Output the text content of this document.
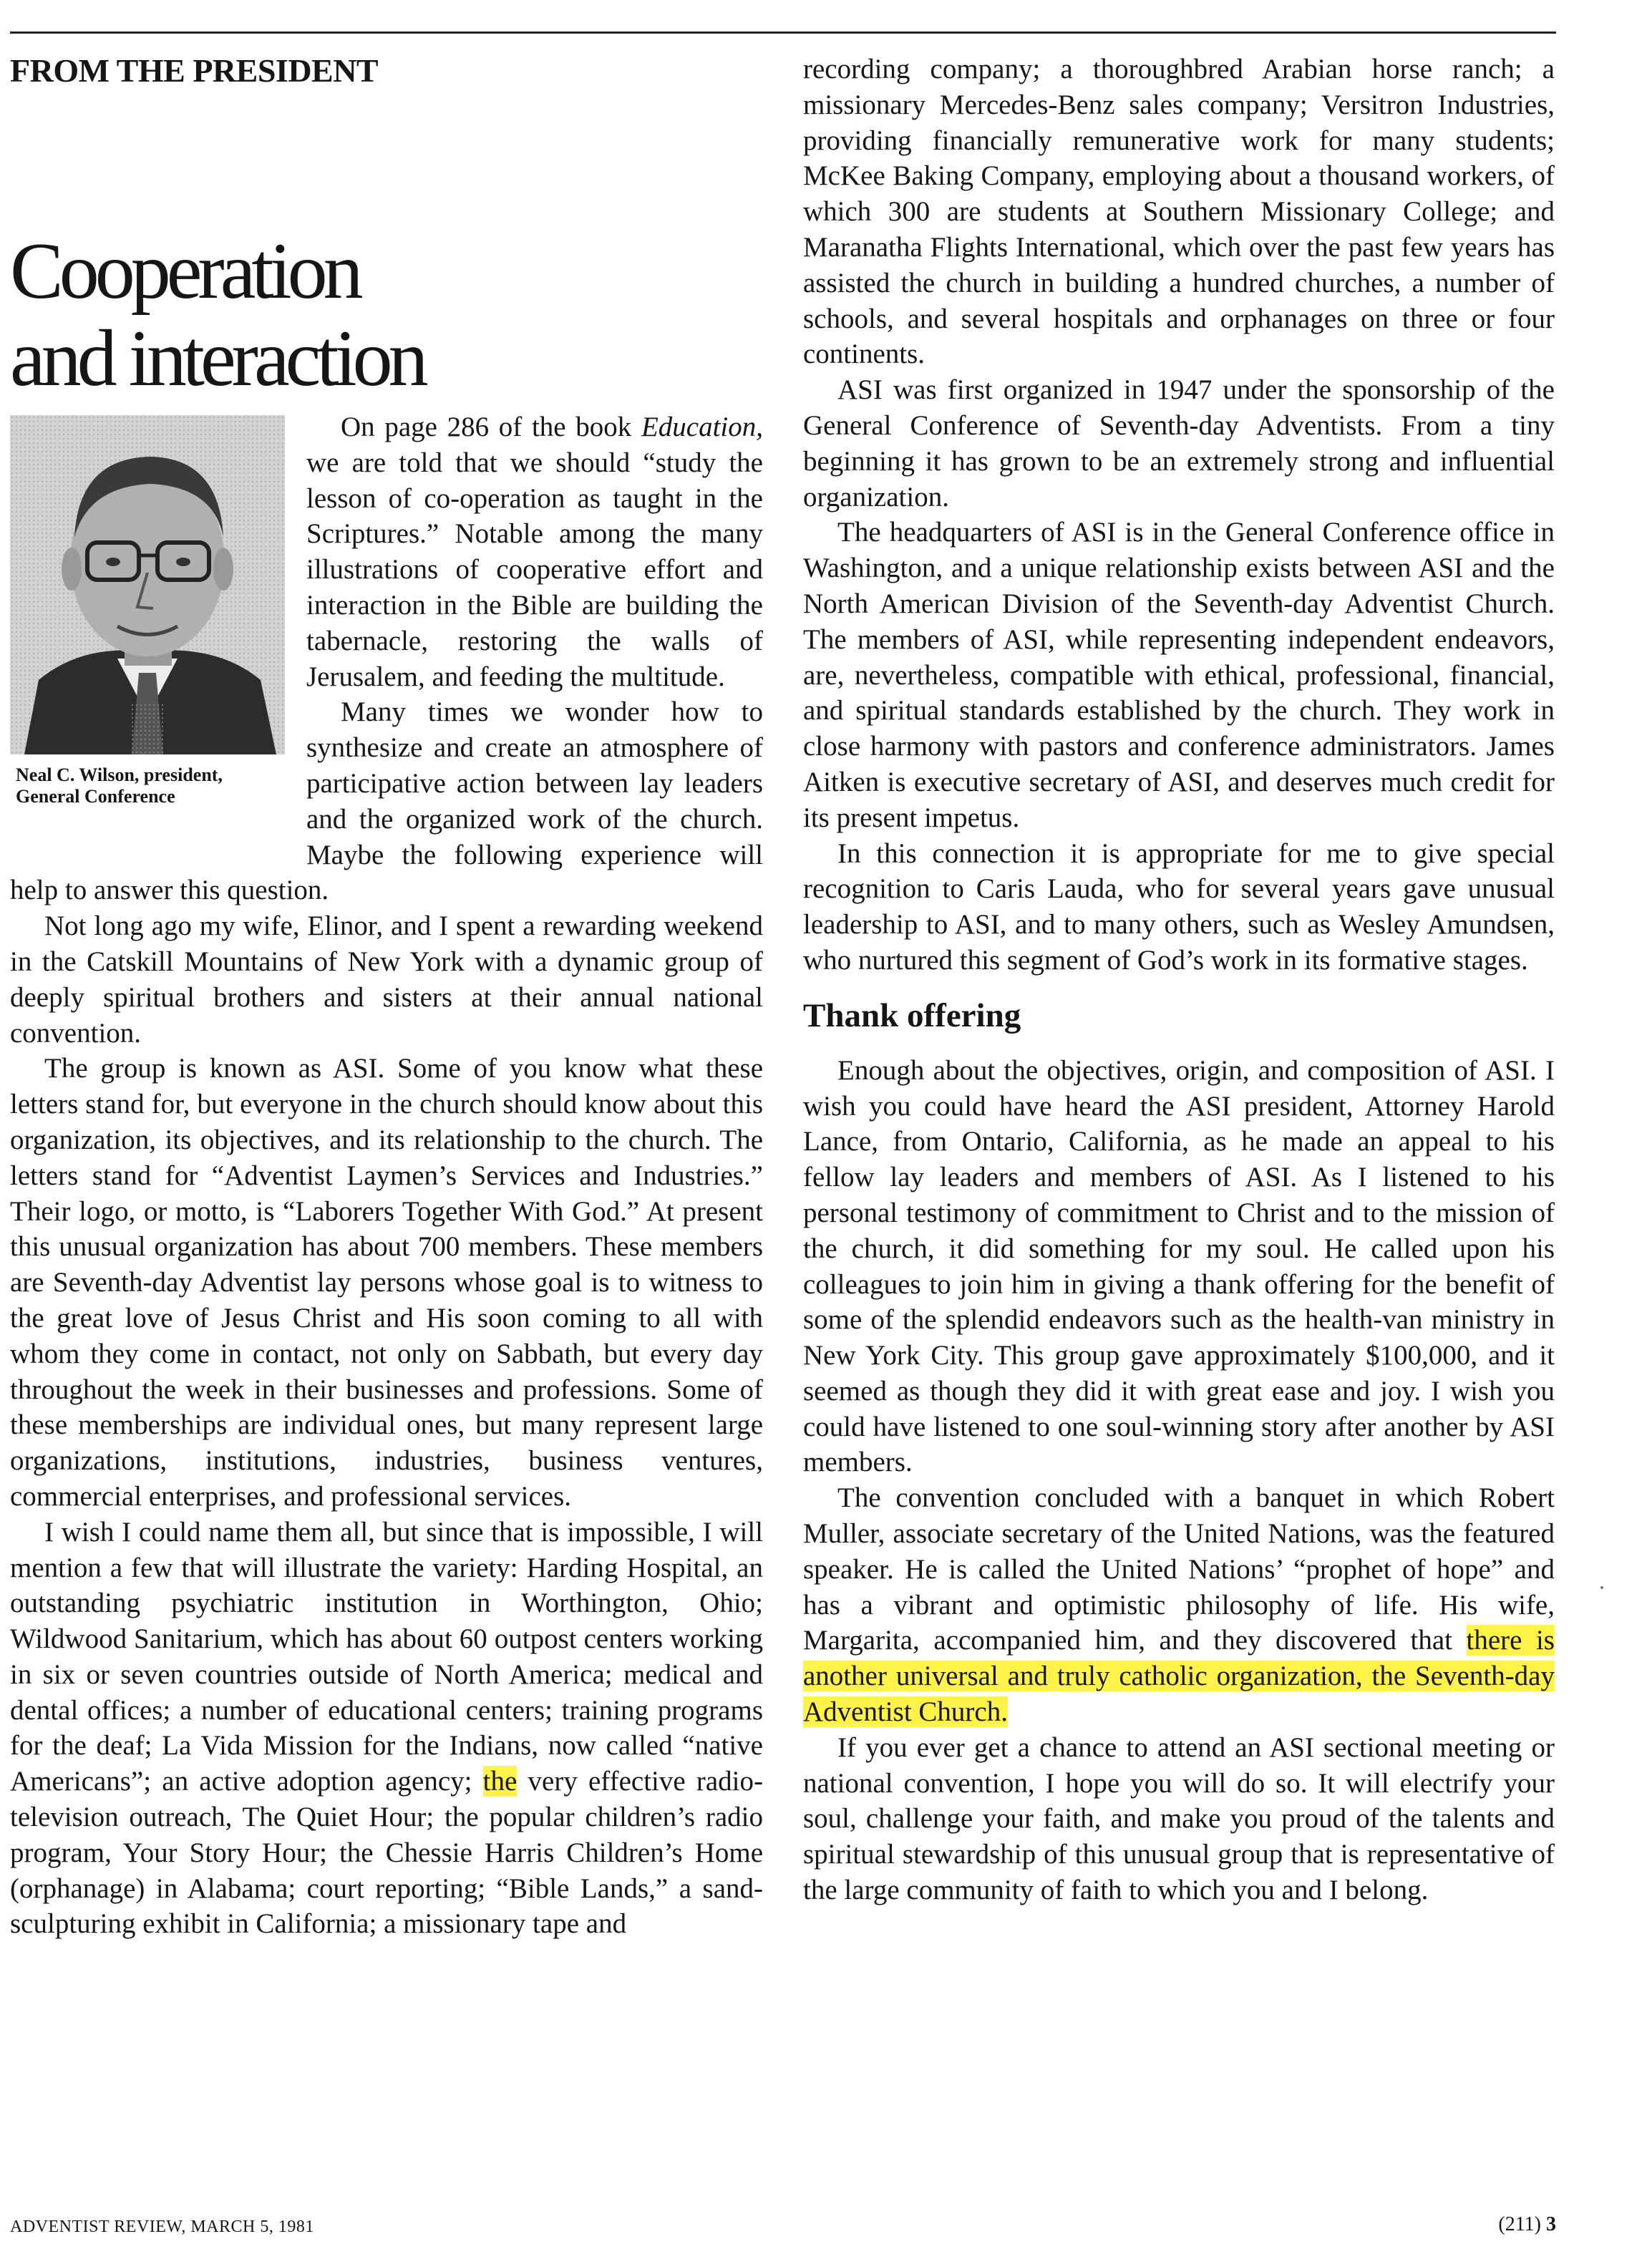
FROM THE PRESIDENT
Cooperation
and interaction
Neal C. Wilson, president,
General Conference

On page 286 of the book Education, we are told that we should “study the lesson of co-operation as taught in the Scriptures.” Notable among the many illustrations of cooperative effort and interaction in the Bible are building the tabernacle, restoring the walls of Jerusalem, and feeding the multitude.

Many times we wonder how to synthesize and create an atmosphere of participative action between lay leaders and the organized work of the church. Maybe the following experience will help to answer this question.

Not long ago my wife, Elinor, and I spent a rewarding weekend in the Catskill Mountains of New York with a dynamic group of deeply spiritual brothers and sisters at their annual national convention.

The group is known as ASI. Some of you know what these letters stand for, but everyone in the church should know about this organization, its objectives, and its relationship to the church. The letters stand for “Adventist Laymen’s Services and Industries.” Their logo, or motto, is “Laborers Together With God.” At present this unusual organization has about 700 members. These members are Seventh-day Adventist lay persons whose goal is to witness to the great love of Jesus Christ and His soon coming to all with whom they come in contact, not only on Sabbath, but every day throughout the week in their businesses and professions. Some of these memberships are individual ones, but many represent large organizations, institutions, industries, business ventures, commercial enterprises, and professional services.

I wish I could name them all, but since that is impossible, I will mention a few that will illustrate the variety: Harding Hospital, an outstanding psychiatric institution in Worthington, Ohio; Wildwood Sanitarium, which has about 60 outpost centers working in six or seven countries outside of North America; medical and dental offices; a number of educational centers; training programs for the deaf; La Vida Mission for the Indians, now called “native Americans”; an active adoption agency; the very effective radio-television outreach, The Quiet Hour; the popular children’s radio program, Your Story Hour; the Chessie Harris Children’s Home (orphanage) in Alabama; court reporting; “Bible Lands,” a sand-sculpturing exhibit in California; a missionary tape and

recording company; a thoroughbred Arabian horse ranch; a missionary Mercedes-Benz sales company; Versitron Industries, providing financially remunerative work for many students; McKee Baking Company, employing about a thousand workers, of which 300 are students at Southern Missionary College; and Maranatha Flights International, which over the past few years has assisted the church in building a hundred churches, a number of schools, and several hospitals and orphanages on three or four continents.

ASI was first organized in 1947 under the sponsorship of the General Conference of Seventh-day Adventists. From a tiny beginning it has grown to be an extremely strong and influential organization.

The headquarters of ASI is in the General Conference office in Washington, and a unique relationship exists between ASI and the North American Division of the Seventh-day Adventist Church. The members of ASI, while representing independent endeavors, are, nevertheless, compatible with ethical, professional, financial, and spiritual standards established by the church. They work in close harmony with pastors and conference administrators. James Aitken is executive secretary of ASI, and deserves much credit for its present impetus.

In this connection it is appropriate for me to give special recognition to Caris Lauda, who for several years gave unusual leadership to ASI, and to many others, such as Wesley Amundsen, who nurtured this segment of God’s work in its formative stages.

Thank offering

Enough about the objectives, origin, and composition of ASI. I wish you could have heard the ASI president, Attorney Harold Lance, from Ontario, California, as he made an appeal to his fellow lay leaders and members of ASI. As I listened to his personal testimony of commitment to Christ and to the mission of the church, it did something for my soul. He called upon his colleagues to join him in giving a thank offering for the benefit of some of the splendid endeavors such as the health-van ministry in New York City. This group gave approximately $100,000, and it seemed as though they did it with great ease and joy. I wish you could have listened to one soul-winning story after another by ASI members.

The convention concluded with a banquet in which Robert Muller, associate secretary of the United Nations, was the featured speaker. He is called the United Nations’ “prophet of hope” and has a vibrant and optimistic philosophy of life. His wife, Margarita, accompanied him, and they discovered that there is another universal and truly catholic organization, the Seventh-day Adventist Church.

If you ever get a chance to attend an ASI sectional meeting or national convention, I hope you will do so. It will electrify your soul, challenge your faith, and make you proud of the talents and spiritual stewardship of this unusual group that is representative of the large community of faith to which you and I belong.

ADVENTIST REVIEW, MARCH 5, 1981	(211) 3
